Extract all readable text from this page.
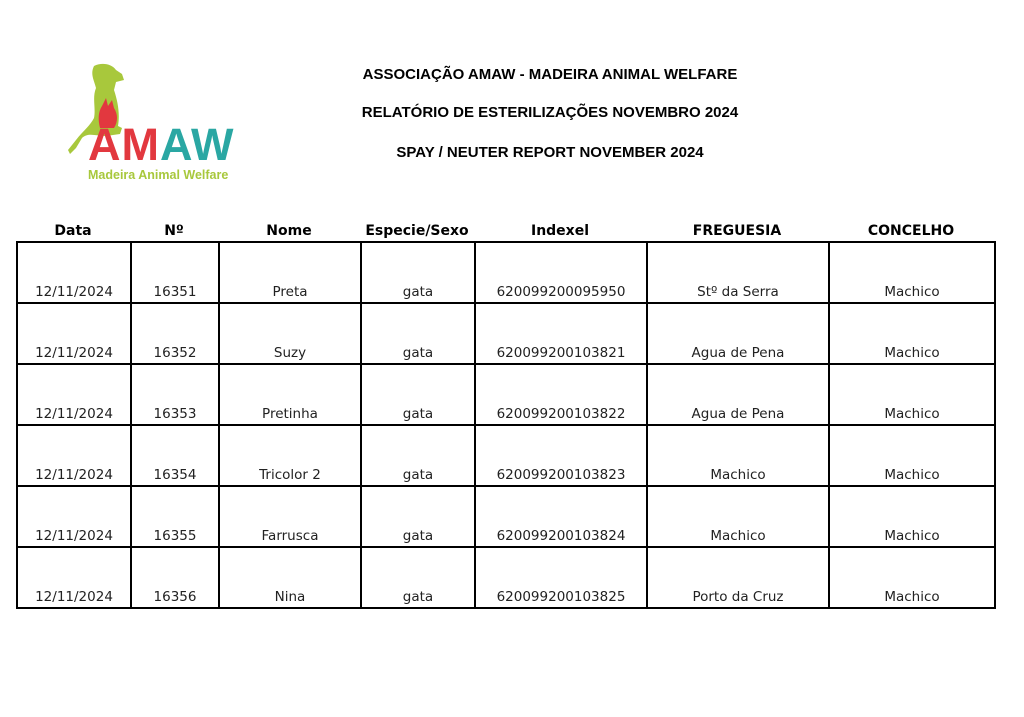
AMAW
Madeira Animal Welfare
ASSOCIAÇÃO AMAW - MADEIRA ANIMAL WELFARE
RELATÓRIO DE ESTERILIZAÇÕES NOVEMBRO 2024
SPAY / NEUTER REPORT NOVEMBER 2024
Data	Nº	Nome	Especie/Sexo	Indexel	FREGUESIA	CONCELHO
12/11/2024	16351	Preta	gata	620099200095950	Stº da Serra	Machico
12/11/2024	16352	Suzy	gata	620099200103821	Agua de Pena	Machico
12/11/2024	16353	Pretinha	gata	620099200103822	Agua de Pena	Machico
12/11/2024	16354	Tricolor 2	gata	620099200103823	Machico	Machico
12/11/2024	16355	Farrusca	gata	620099200103824	Machico	Machico
12/11/2024	16356	Nina	gata	620099200103825	Porto da Cruz	Machico
